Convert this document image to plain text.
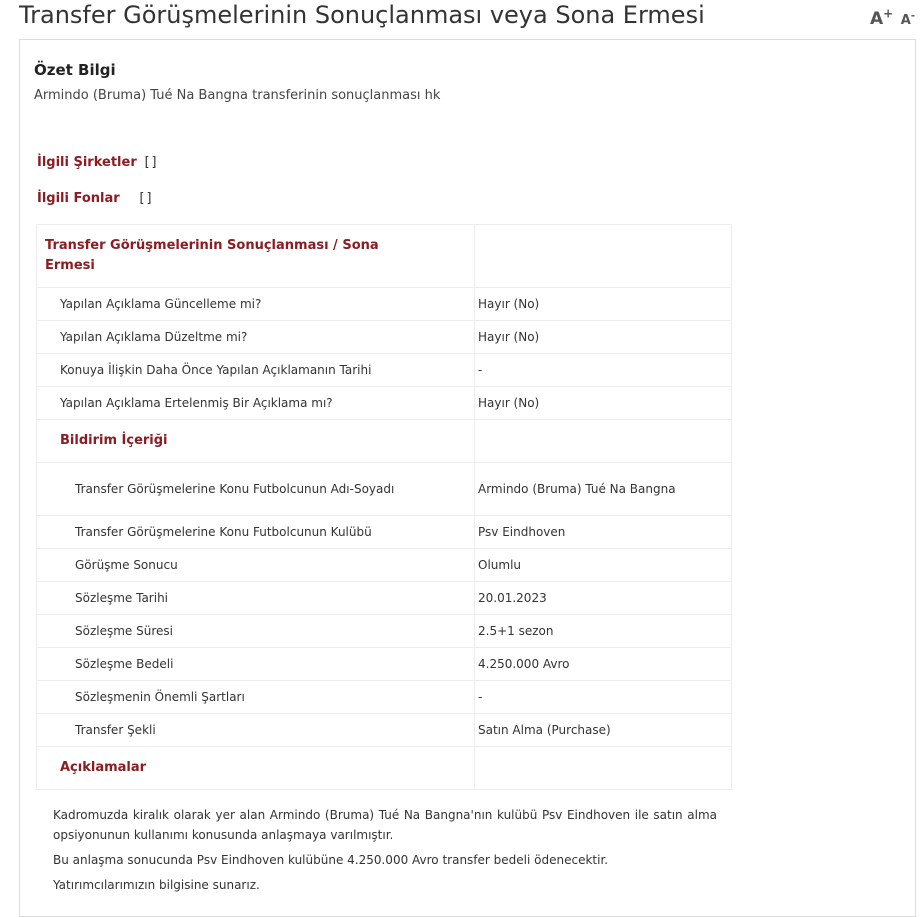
Transfer Görüşmelerinin Sonuçlanması veya Sona Ermesi	A+ A-
Özet Bilgi
Armindo (Bruma) Tué Na Bangna transferinin sonuçlanması hk
İlgili Şirketler []
İlgili Fonlar []
Transfer Görüşmelerinin Sonuçlanması / Sona Ermesi	

Yapılan Açıklama Güncelleme mi?	Hayır (No)

Yapılan Açıklama Düzeltme mi?	Hayır (No)

Konuya İlişkin Daha Önce Yapılan Açıklamanın Tarihi	-

Yapılan Açıklama Ertelenmiş Bir Açıklama mı?	Hayır (No)
Bildirim İçeriği	

Transfer Görüşmelerine Konu Futbolcunun Adı-Soyadı	Armindo (Bruma) Tué Na Bangna

Transfer Görüşmelerine Konu Futbolcunun Kulübü	Psv Eindhoven

Görüşme Sonucu	Olumlu

Sözleşme Tarihi	20.01.2023

Sözleşme Süresi	2.5+1 sezon

Sözleşme Bedeli	4.250.000 Avro

Sözleşmenin Önemli Şartları	-

Transfer Şekli	Satın Alma (Purchase)
Açıklamalar	

Kadromuzda kiralık olarak yer alan Armindo (Bruma) Tué Na Bangna'nın kulübü Psv Eindhoven ile satın alma opsiyonunun kullanımı konusunda anlaşmaya varılmıştır.

Bu anlaşma sonucunda Psv Eindhoven kulübüne 4.250.000 Avro transfer bedeli ödenecektir.

Yatırımcılarımızın bilgisine sunarız.
